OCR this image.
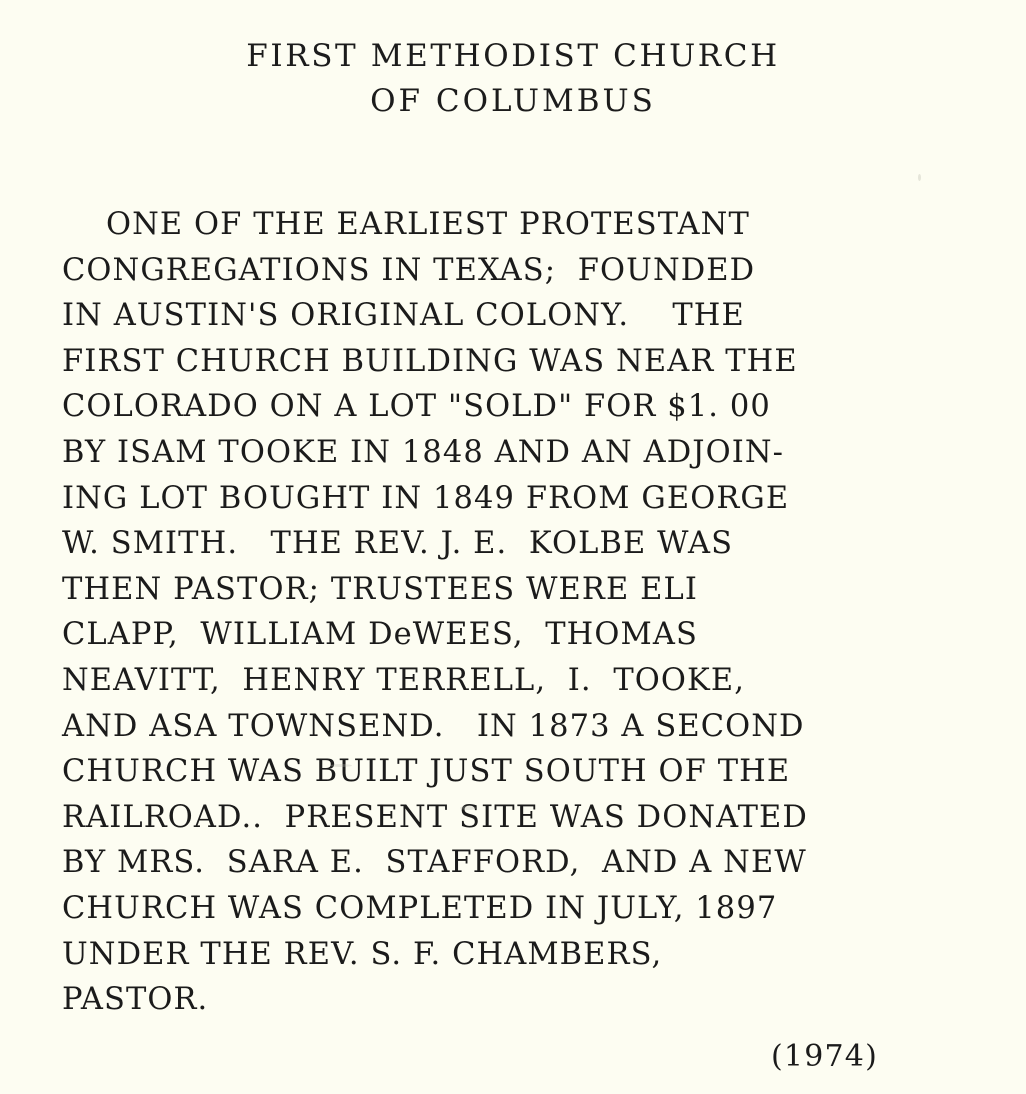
FIRST METHODIST CHURCH
OF COLUMBUS
ONE OF THE EARLIEST PROTESTANT
CONGREGATIONS IN TEXAS;  FOUNDED
IN AUSTIN'S ORIGINAL COLONY.    THE
FIRST CHURCH BUILDING WAS NEAR THE
COLORADO ON A LOT "SOLD" FOR $1. 00
BY ISAM TOOKE IN 1848 AND AN ADJOIN-
ING LOT BOUGHT IN 1849 FROM GEORGE
W. SMITH.   THE REV. J. E.  KOLBE WAS
THEN PASTOR; TRUSTEES WERE ELI
CLAPP,  WILLIAM DeWEES,  THOMAS
NEAVITT,  HENRY TERRELL,  I.  TOOKE,
AND ASA TOWNSEND.   IN 1873 A SECOND
CHURCH WAS BUILT JUST SOUTH OF THE
RAILROAD..  PRESENT SITE WAS DONATED
BY MRS.  SARA E.  STAFFORD,  AND A NEW
CHURCH WAS COMPLETED IN JULY, 1897
UNDER THE REV. S. F. CHAMBERS,
PASTOR.
(1974)
